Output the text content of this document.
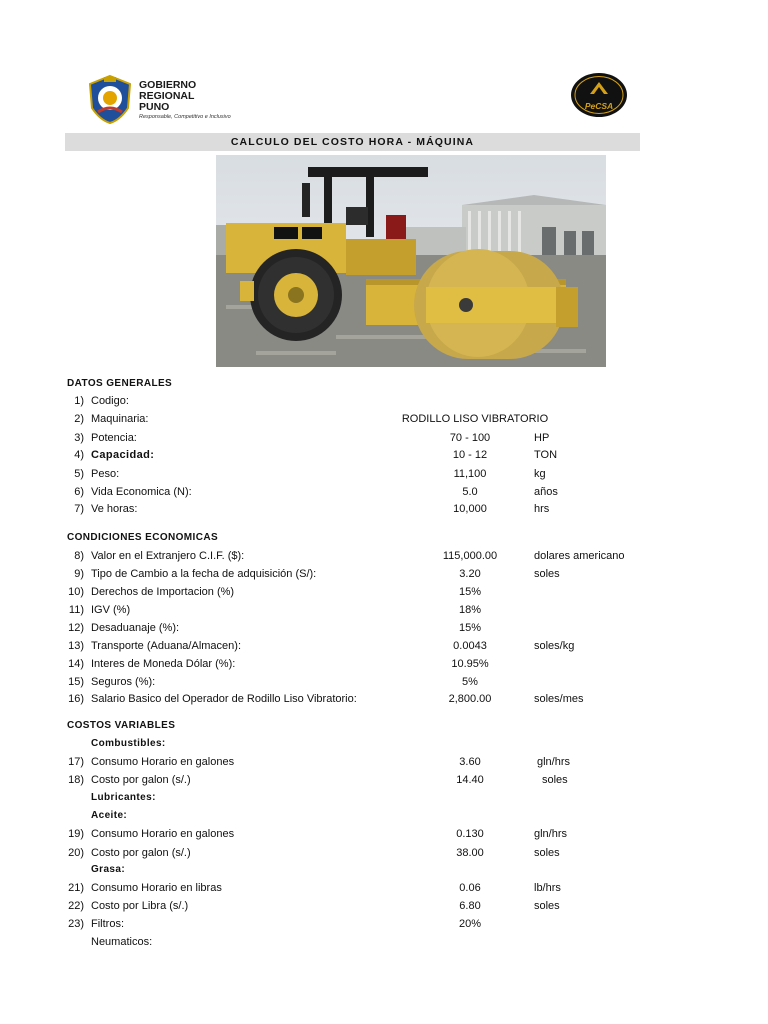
GOBIERNO
REGIONAL
PUNO
Responsable, Competitivo e Inclusivo
PeCSA
CALCULO DEL COSTO HORA - MÁQUINA
DATOS GENERALES
1) Codigo:
2) Maquinaria:	RODILLO LISO VIBRATORIO
3) Potencia:	70 - 100	HP
4) Capacidad:	10 - 12	TON
5) Peso:	11,100	kg
6) Vida Economica (N):	5.0	años
7) Ve horas:	10,000	hrs
CONDICIONES ECONOMICAS
8) Valor en el Extranjero C.I.F. ($):	115,000.00	dolares americano
9) Tipo de Cambio a la fecha de adquisición (S/):	3.20	soles
10) Derechos de Importacion (%)	15%
11) IGV (%)	18%
12) Desaduanaje (%):	15%
13) Transporte (Aduana/Almacen):	0.0043	soles/kg
14) Interes de Moneda Dólar (%):	10.95%
15) Seguros (%):	5%
16) Salario Basico del Operador de Rodillo Liso Vibratorio:	2,800.00	soles/mes
COSTOS VARIABLES
Combustibles:
17) Consumo Horario en galones	3.60	gln/hrs
18) Costo por galon (s/.)	14.40	soles
Lubricantes:
Aceite:
19) Consumo Horario en galones	0.130	gln/hrs
20) Costo por galon (s/.)	38.00	soles
Grasa:
21) Consumo Horario en libras	0.06	lb/hrs
22) Costo por Libra (s/.)	6.80	soles
23) Filtros:	20%
Neumaticos:
